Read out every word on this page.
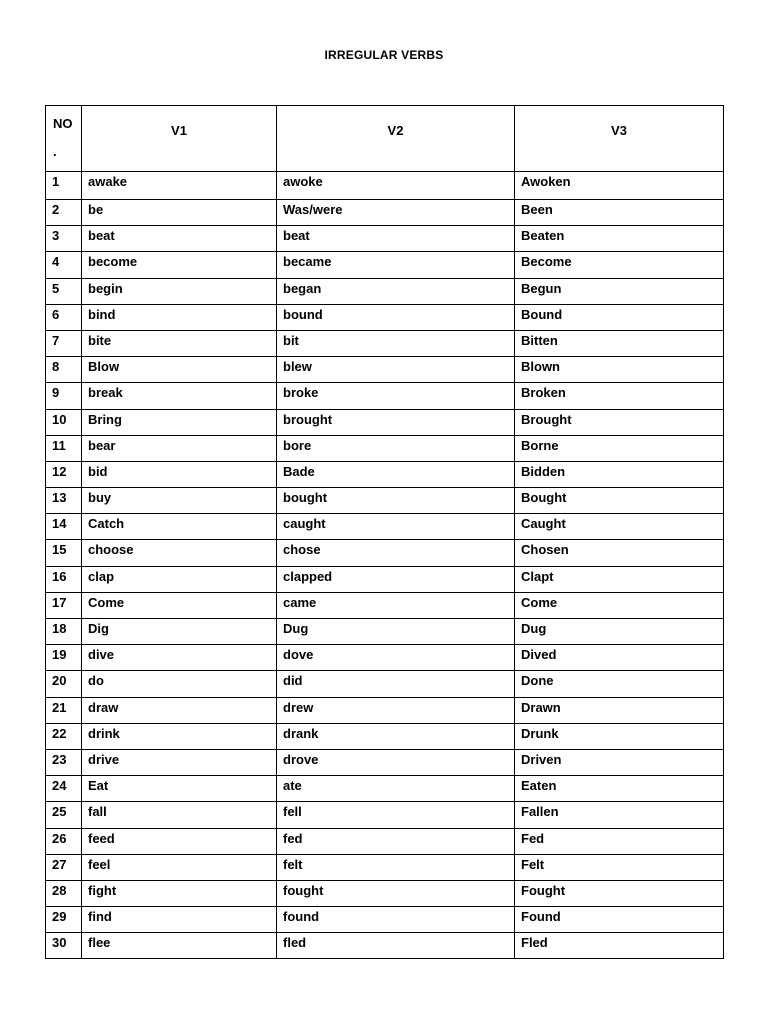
IRREGULAR VERBS
NO .	V1	V2	V3
1	awake	awoke	Awoken
2	be	Was/were	Been
3	beat	beat	Beaten
4	become	became	Become
5	begin	began	Begun
6	bind	bound	Bound
7	bite	bit	Bitten
8	Blow	blew	Blown
9	break	broke	Broken
10	Bring	brought	Brought
11	bear	bore	Borne
12	bid	Bade	Bidden
13	buy	bought	Bought
14	Catch	caught	Caught
15	choose	chose	Chosen
16	clap	clapped	Clapt
17	Come	came	Come
18	Dig	Dug	Dug
19	dive	dove	Dived
20	do	did	Done
21	draw	drew	Drawn
22	drink	drank	Drunk
23	drive	drove	Driven
24	Eat	ate	Eaten
25	fall	fell	Fallen
26	feed	fed	Fed
27	feel	felt	Felt
28	fight	fought	Fought
29	find	found	Found
30	flee	fled	Fled
